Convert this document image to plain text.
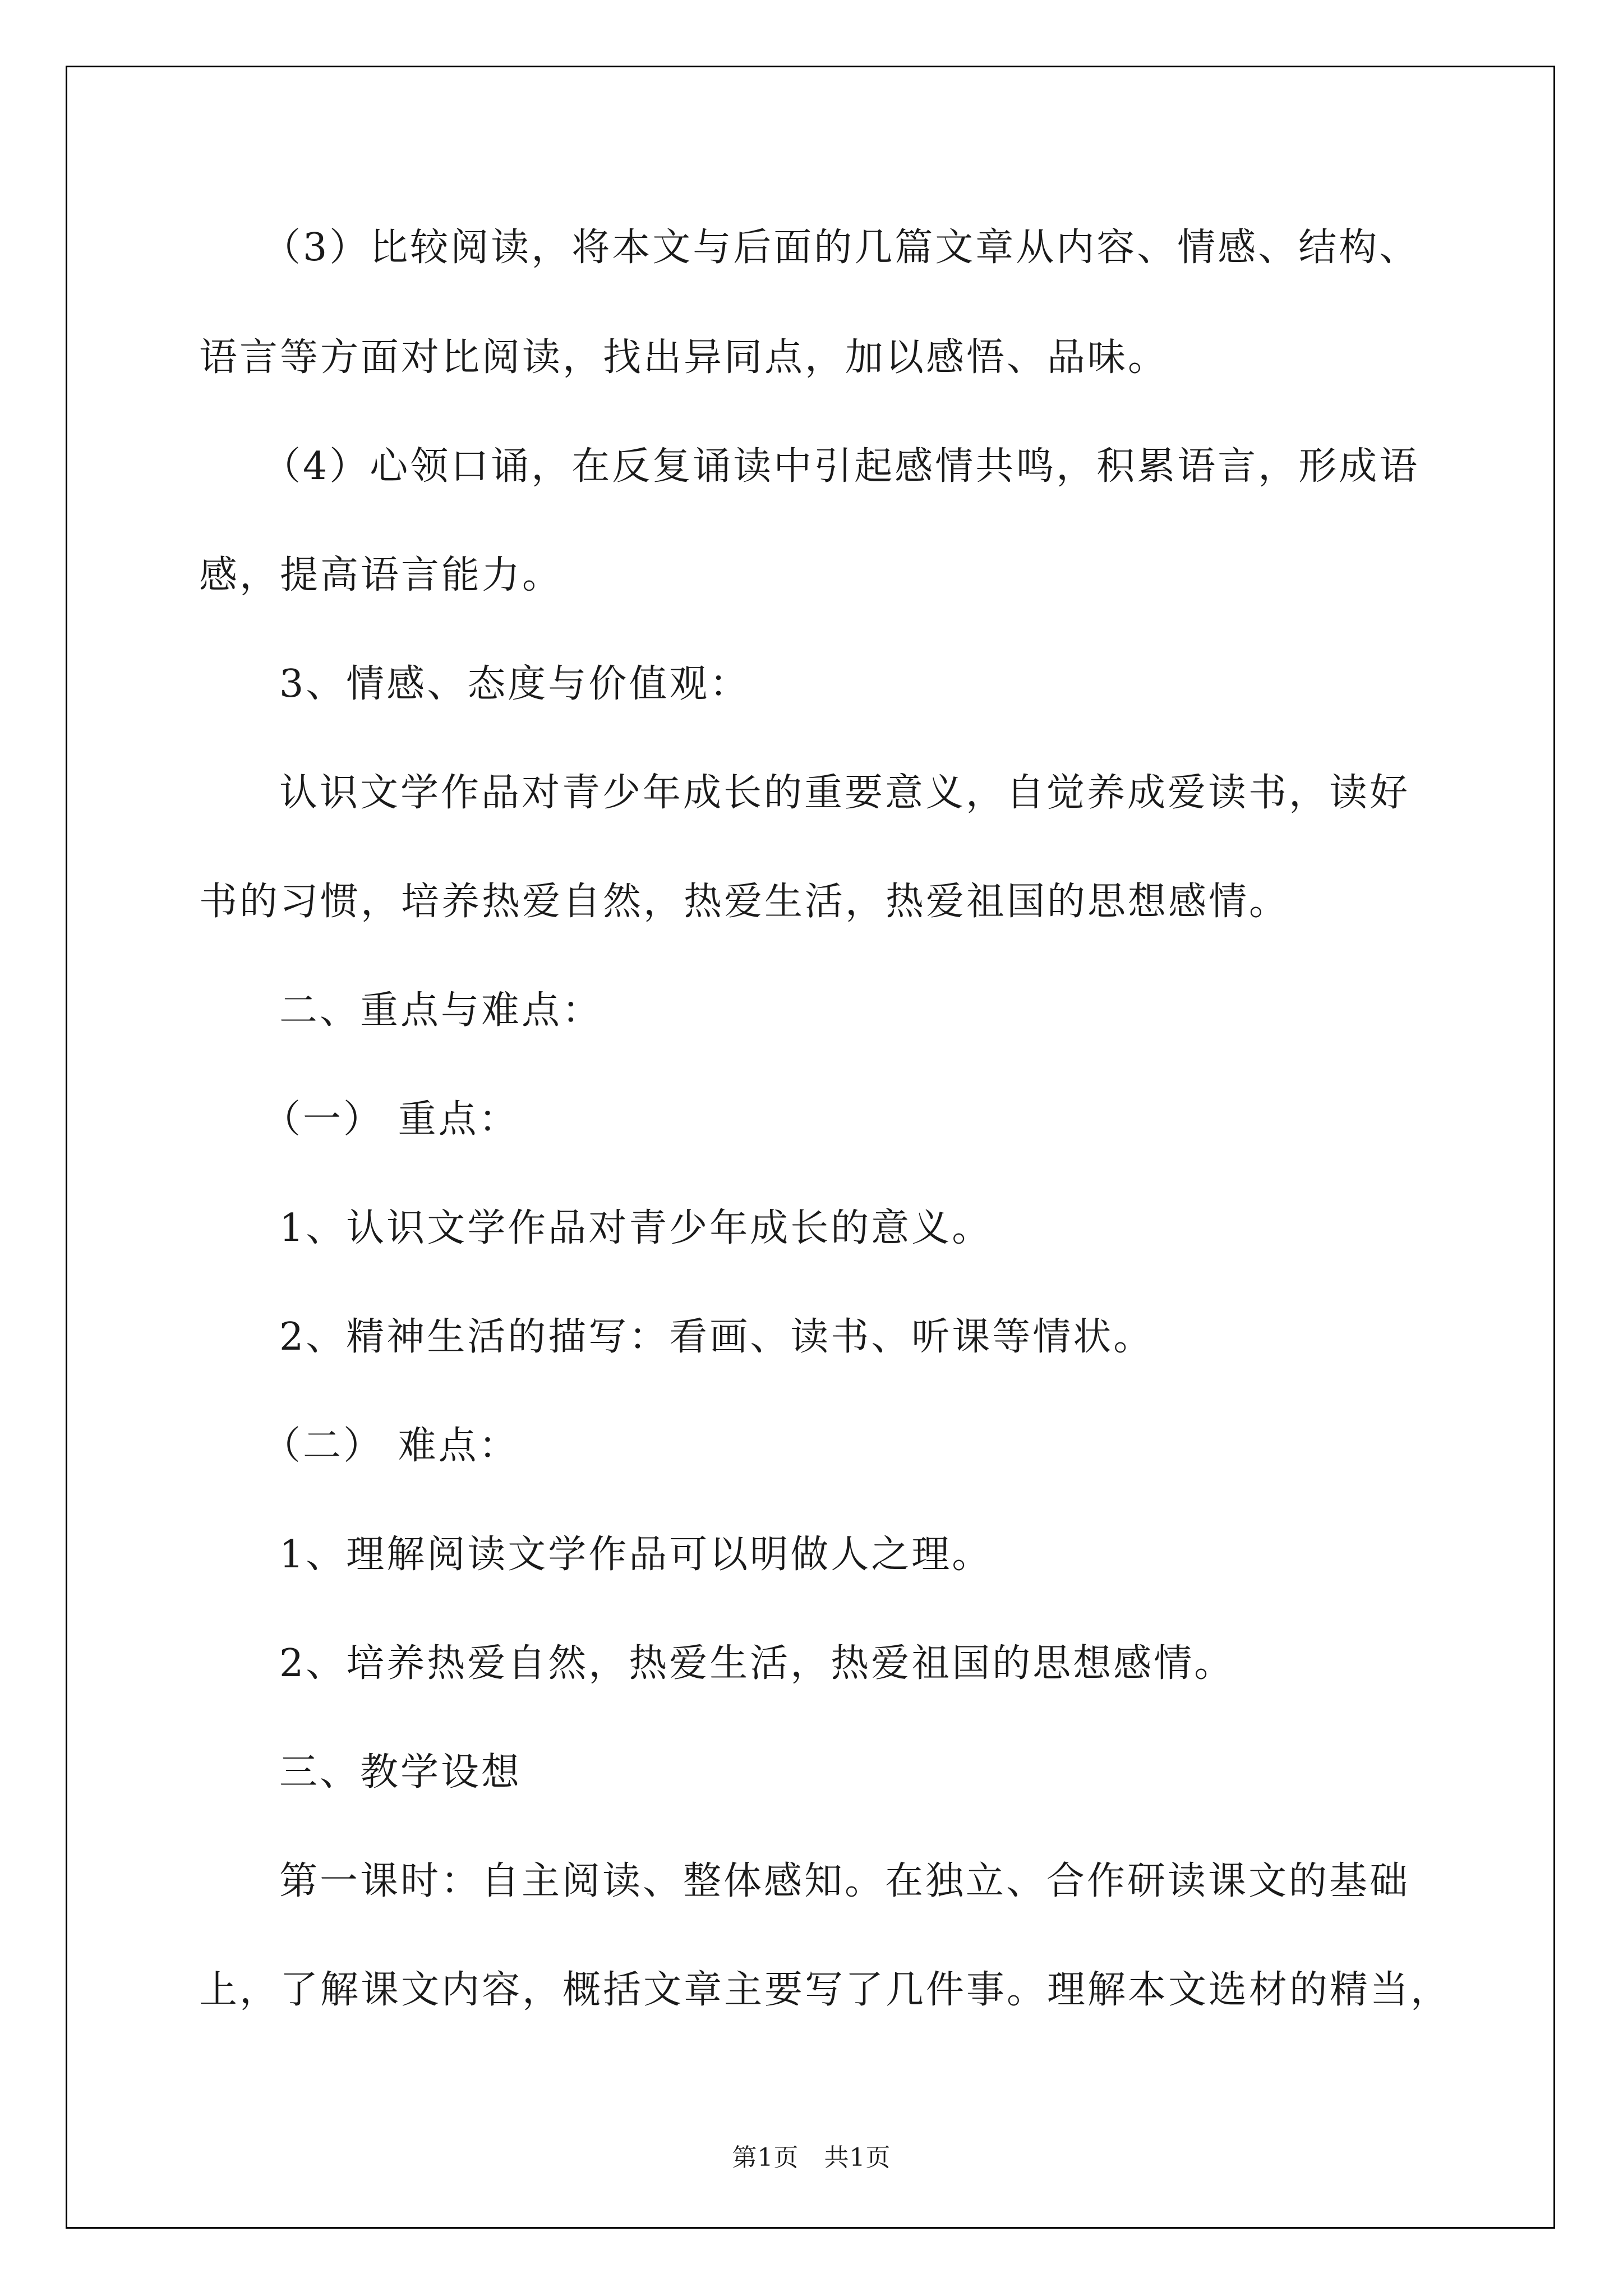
（3）比较阅读，将本文与后面的几篇文章从内容、情感、结构、
语言等方面对比阅读，找出异同点，加以感悟、品味。
（4）心领口诵，在反复诵读中引起感情共鸣，积累语言，形成语
感，提高语言能力。
3、情感、态度与价值观：
认识文学作品对青少年成长的重要意义，自觉养成爱读书，读好
书的习惯，培养热爱自然，热爱生活，热爱祖国的思想感情。
二、重点与难点：
（一） 重点：
1、认识文学作品对青少年成长的意义。
2、精神生活的描写：看画、读书、听课等情状。
（二） 难点：
1、理解阅读文学作品可以明做人之理。
2、培养热爱自然，热爱生活，热爱祖国的思想感情。
三、教学设想
第一课时：自主阅读、整体感知。在独立、合作研读课文的基础
上，了解课文内容，概括文章主要写了几件事。理解本文选材的精当，
第1页   共1页
